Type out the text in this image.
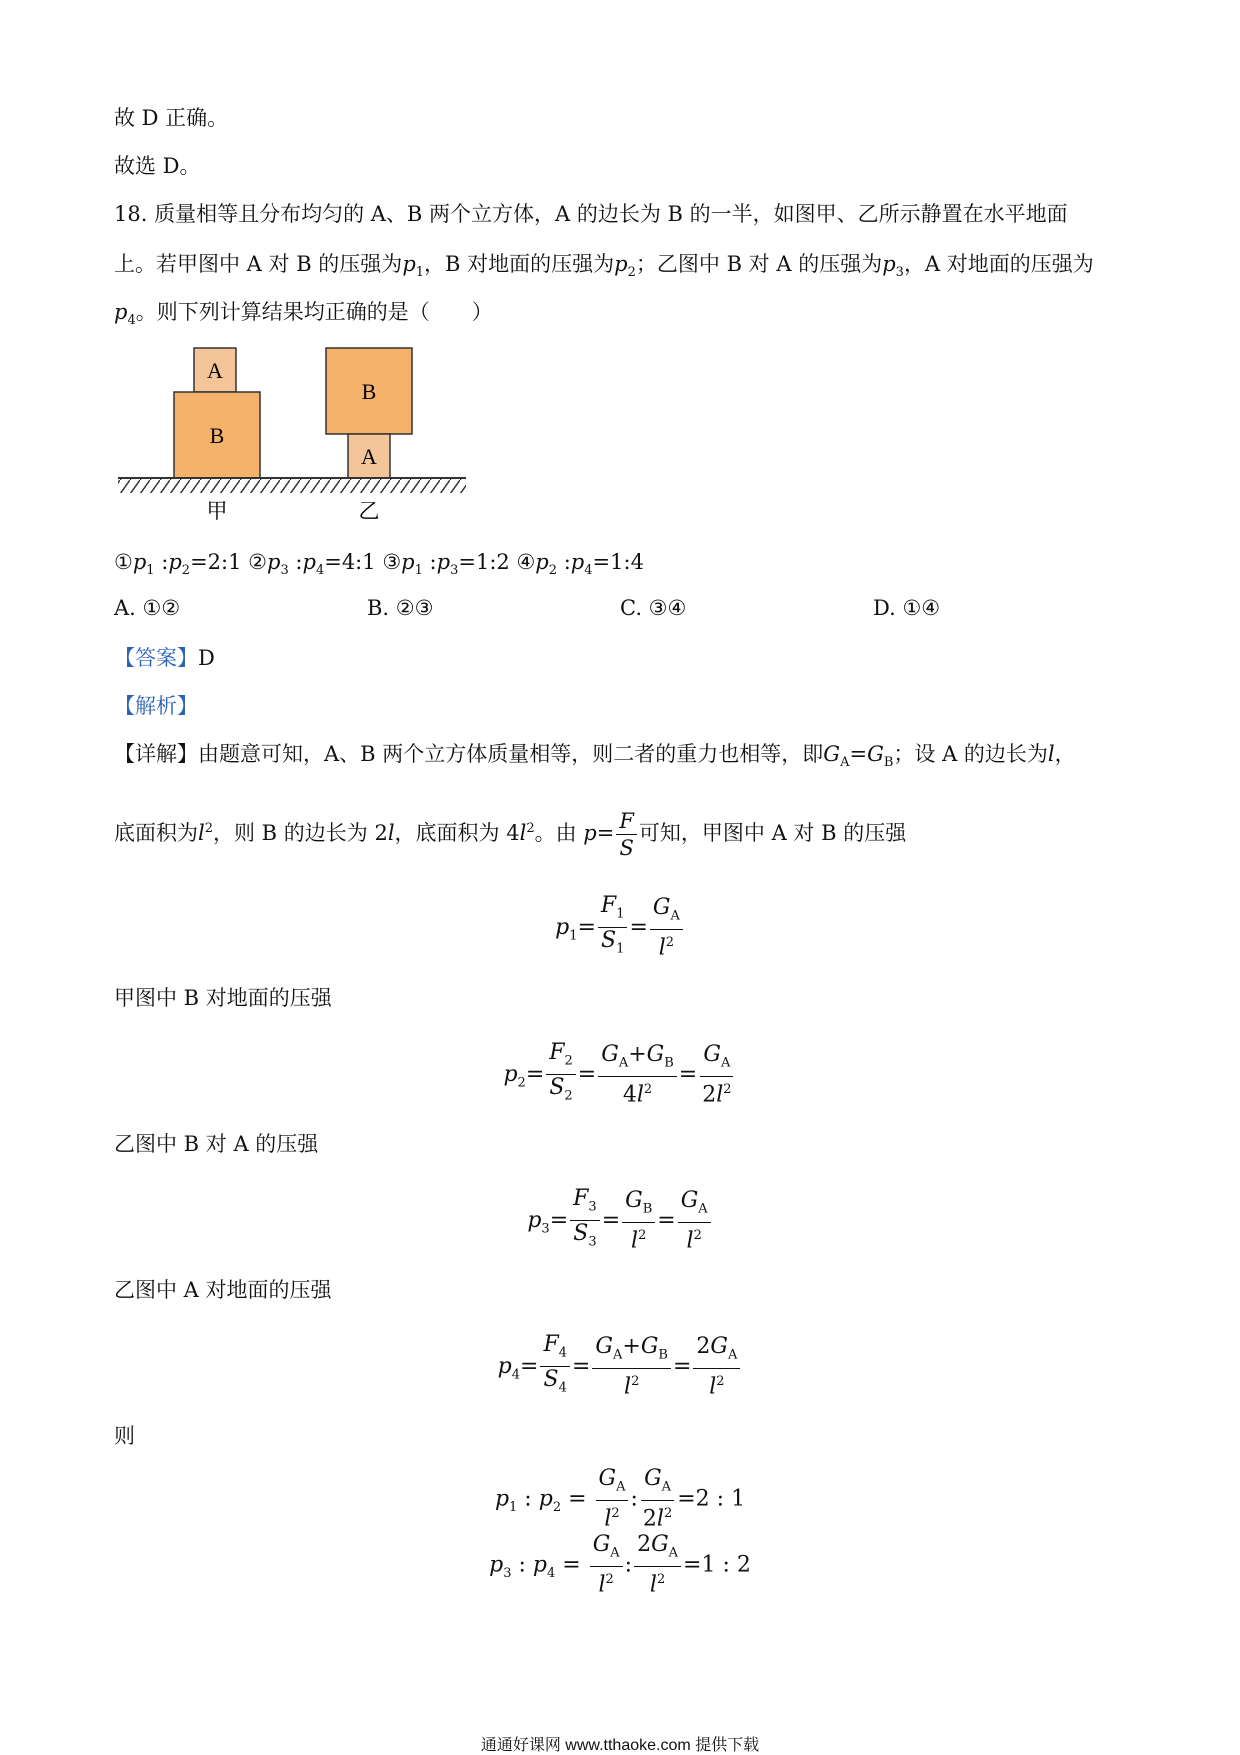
故 D 正确。
故选 D。
18. 质量相等且分布均匀的 A、B 两个立方体，A 的边长为 B 的一半，如图甲、乙所示静置在水平地面
上。若甲图中 A 对 B 的压强为$p_1$，B 对地面的压强为$p_2$；乙图中 B 对 A 的压强为$p_3$，A 对地面的压强为
$p_4$。则下列计算结果均正确的是（　　）
A
B
B
A
甲	乙
$①p_1$ $:p_2=2:1$ $②p_3$ $:p_4=4:1$ $③p_1$ $:p_3=1:2$ $④p_2$ $:p_4=1:4$
A. ①②	B. ②③	C. ③④	D. ①④
【答案】D
【解析】
【详解】由题意可知，A、B 两个立方体质量相等，则二者的重力也相等，即$G_A=G_B$；设 A 的边长为l，
底面积为$l^2$，则 B 的边长为 2l，底面积为 $4l^2$。由 $p= \frac{F}{S}$ 可知，甲图中 A 对 B 的压强
$p_1= \frac{F_1}{S_1} = \frac{G_A}{l^2}$
甲图中 B 对地面的压强
$p_2= \frac{F_2}{S_2} = \frac{G_A+G_B}{4l^2} = \frac{G_A}{2l^2}$
乙图中 B 对 A 的压强
$p_3= \frac{F_3}{S_3} = \frac{G_B}{l^2} = \frac{G_A}{l^2}$
乙图中 A 对地面的压强
$p_4= \frac{F_4}{S_4} = \frac{G_A+G_B}{l^2} = \frac{2G_A}{l^2}$
则
$p_1$ : $p_2 = \frac{G_A}{l^2}$ : $\frac{G_A}{2l^2} =2$ : 1
$p_3$ : $p_4 = \frac{G_A}{l^2}$ : $\frac{2G_A}{l^2} =1$ : 2
通通好课网 www.tthaoke.com 提供下载
